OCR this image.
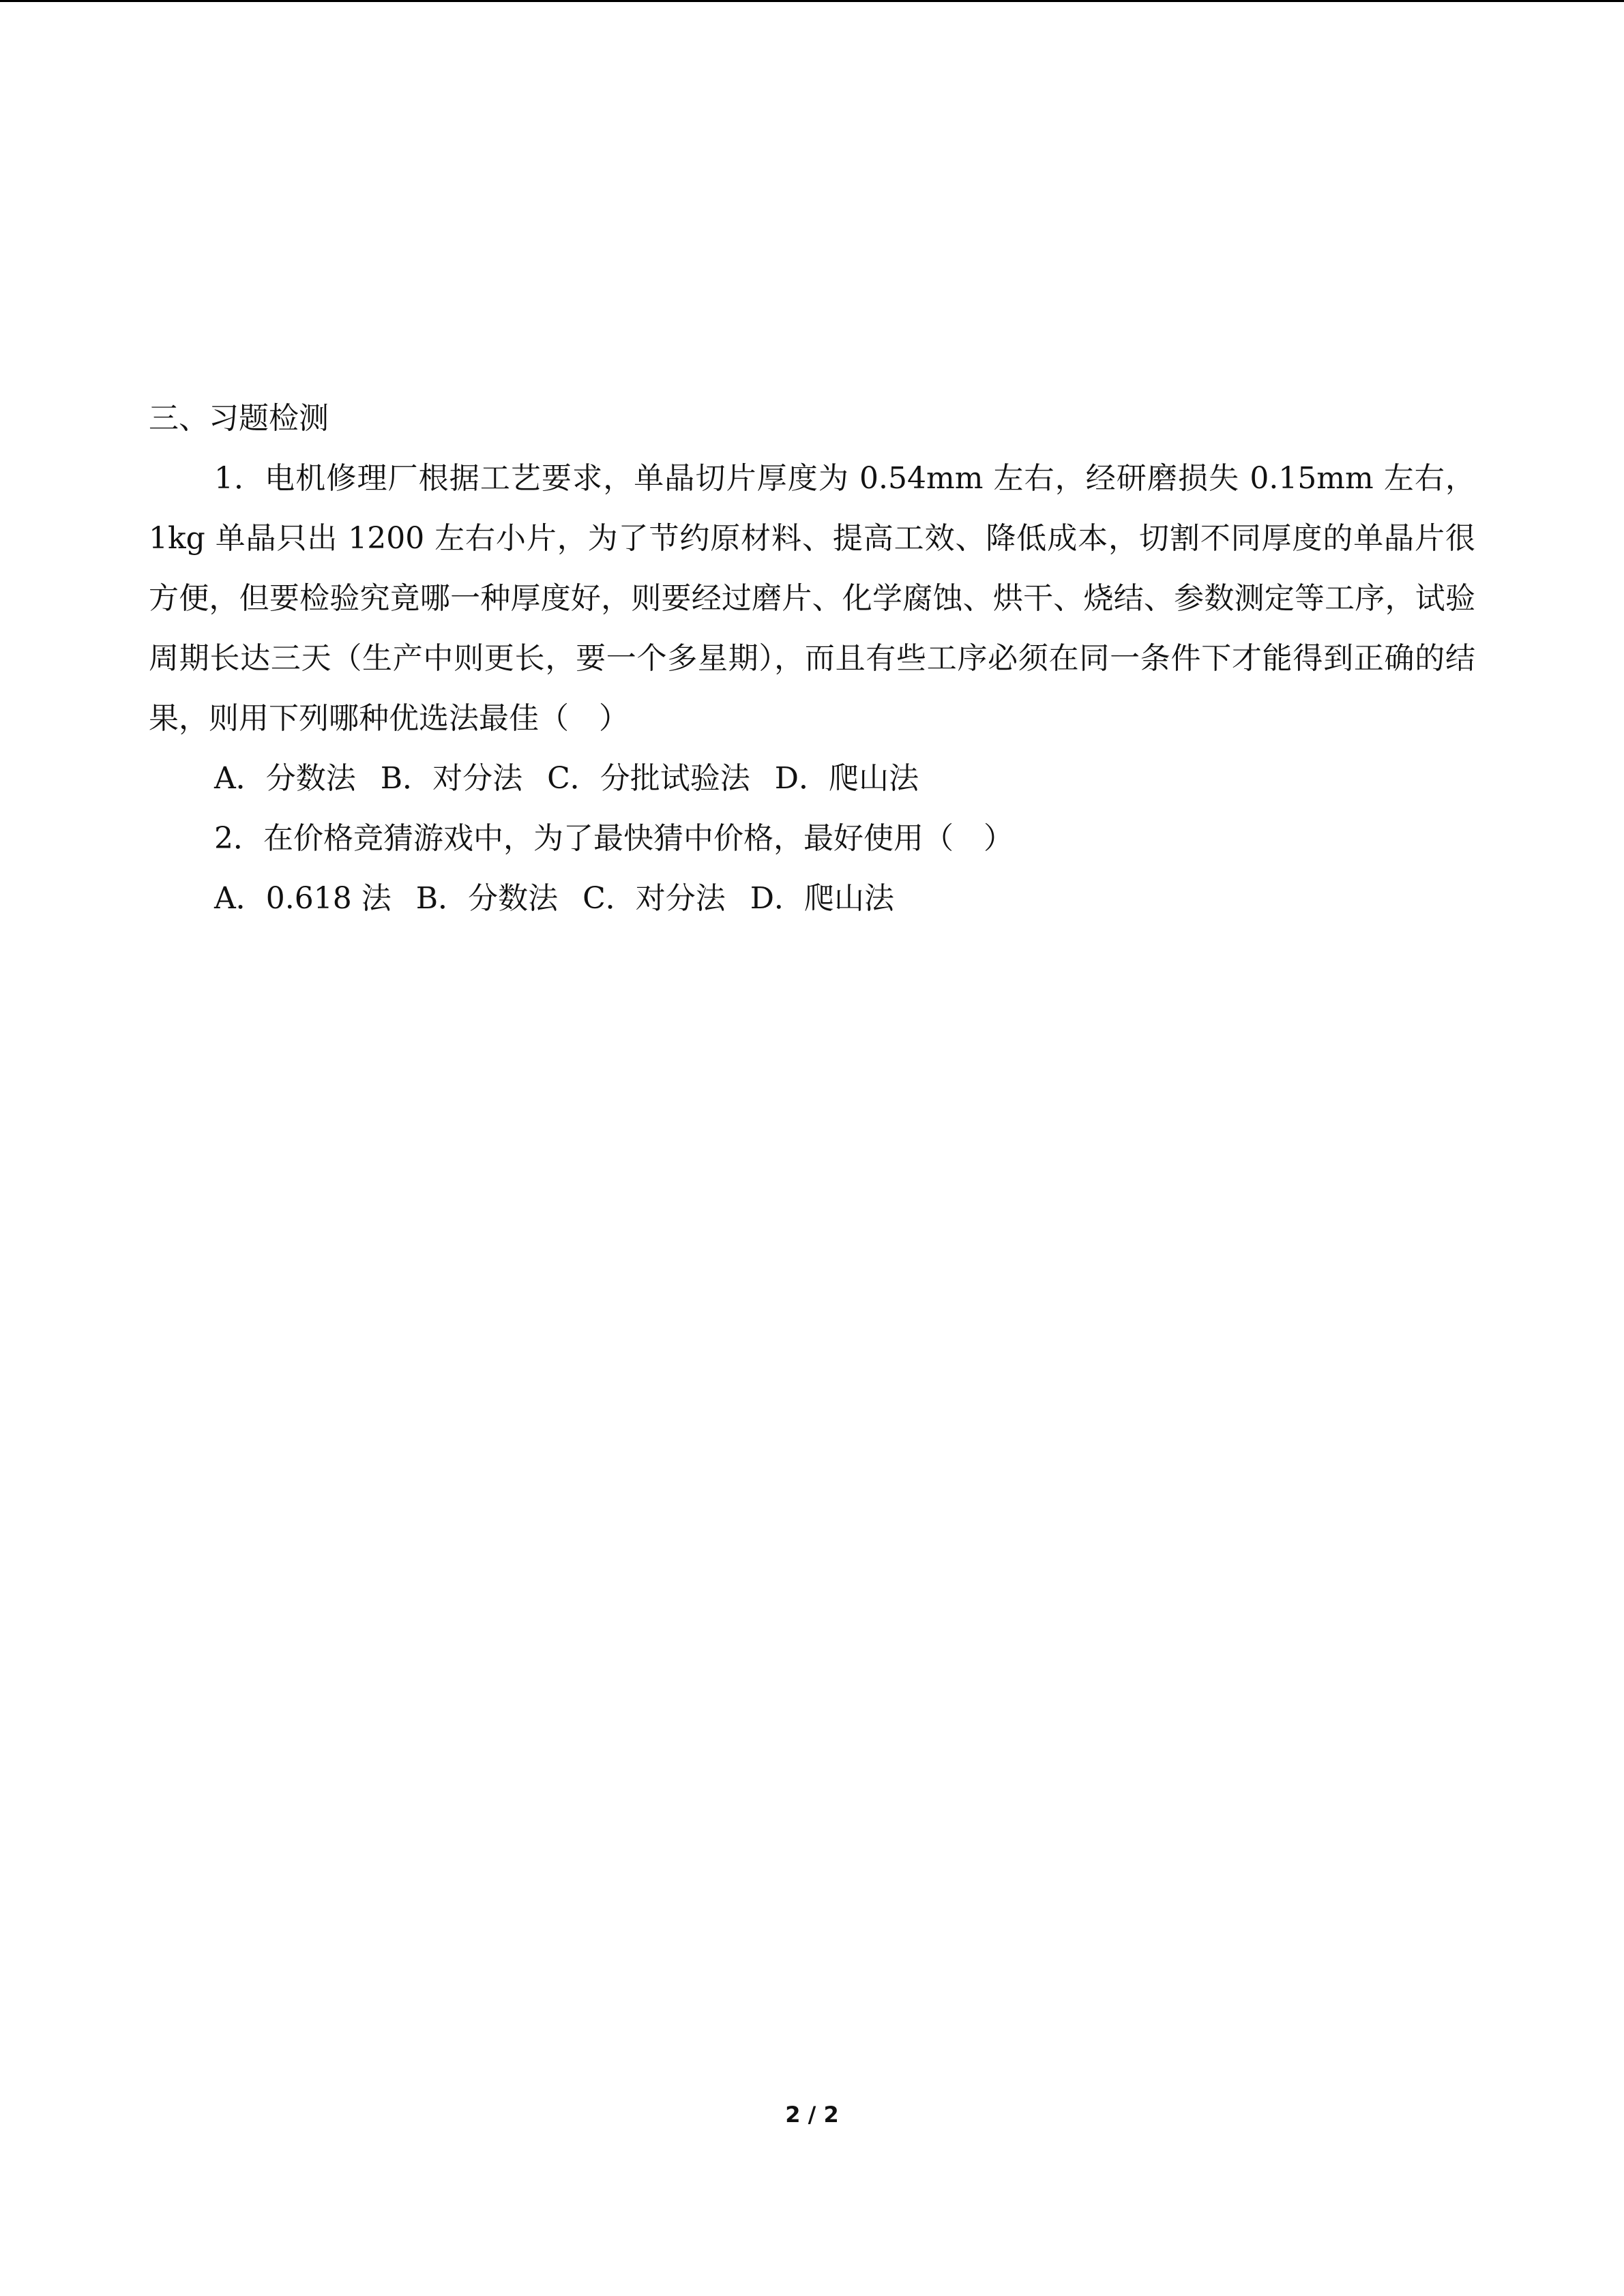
三、习题检测

1．电机修理厂根据工艺要求，单晶切片厚度为 0.54mm 左右，经研磨损失 0.15mm 左右，1kg 单晶只出 1200 左右小片，为了节约原材料、提高工效、降低成本，切割不同厚度的单晶片很方便，但要检验究竟哪一种厚度好，则要经过磨片、化学腐蚀、烘干、烧结、参数测定等工序，试验周期长达三天（生产中则更长，要一个多星期），而且有些工序必须在同一条件下才能得到正确的结果，则用下列哪种优选法最佳（　）

A．分数法 B．对分法 C．分批试验法 D．爬山法

2．在价格竞猜游戏中，为了最快猜中价格，最好使用（　）

A．0.618 法 B．分数法 C．对分法 D．爬山法

2 / 2
